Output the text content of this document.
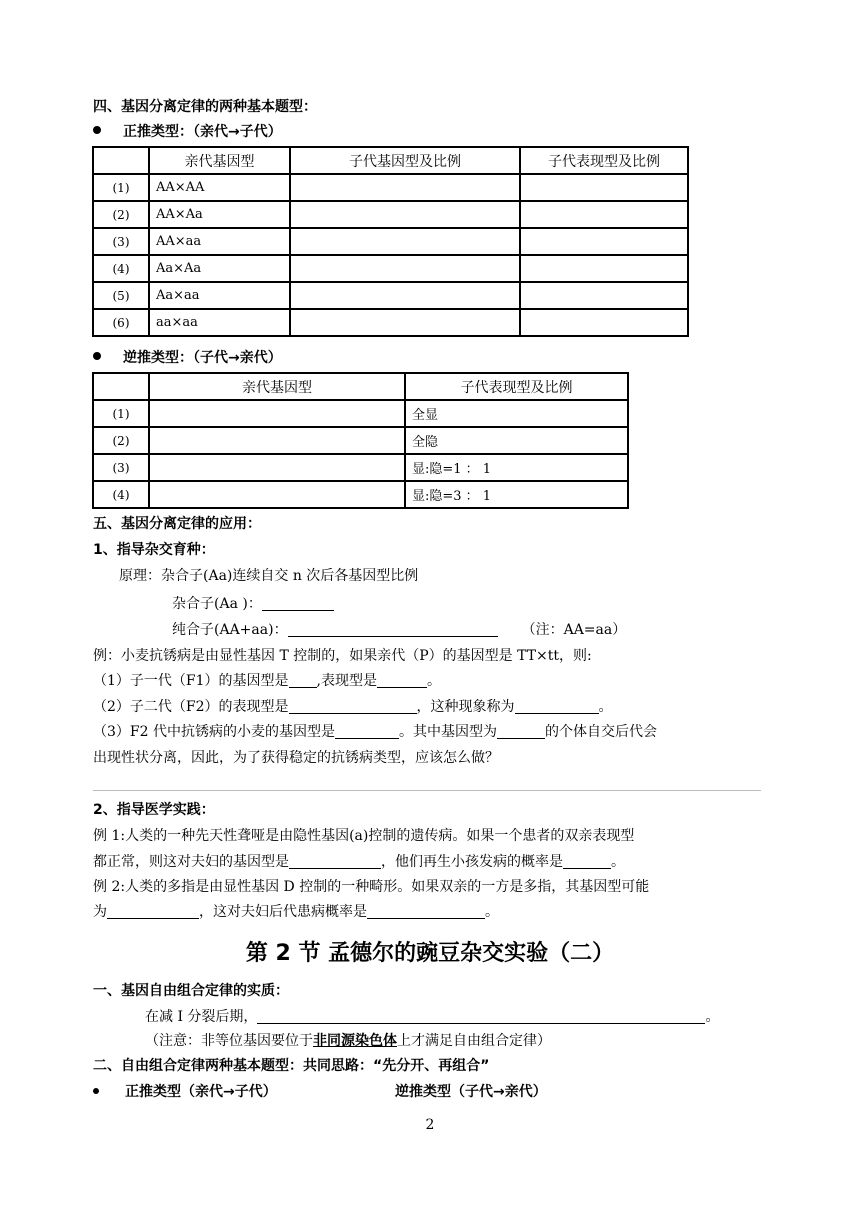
四、基因分离定律的两种基本题型：
正推类型：（亲代→子代）
	亲代基因型	子代基因型及比例	子代表现型及比例
(1)	AA×AA		
(2)	AA×Aa		
(3)	AA×aa		
(4)	Aa×Aa		
(5)	Aa×aa		
(6)	aa×aa		
逆推类型：（子代→亲代）
	亲代基因型	子代表现型及比例
(1)		全显
(2)		全隐
(3)		显:隐=1 ： 1
(4)		显:隐=3 ： 1
五、基因分离定律的应用：
1、指导杂交育种：
原理：杂合子(Aa)连续自交 n 次后各基因型比例
杂合子(Aa )：
纯合子(AA+aa)：	（注：AA=aa）
例：小麦抗锈病是由显性基因 T 控制的，如果亲代（P）的基因型是 TT×tt，则:
（1）子一代（F1）的基因型是 ,表现型是	。
（2）子二代（F2）的表现型是	，这种现象称为	。
（3）F2 代中抗锈病的小麦的基因型是	。其中基因型为	的个体自交后代会
出现性状分离，因此，为了获得稳定的抗锈病类型，应该怎么做？
2、指导医学实践：
例 1:人类的一种先天性聋哑是由隐性基因(a)控制的遗传病。如果一个患者的双亲表现型
都正常，则这对夫妇的基因型是	，他们再生小孩发病的概率是	。
例 2:人类的多指是由显性基因 D 控制的一种畸形。如果双亲的一方是多指，其基因型可能
为	，这对夫妇后代患病概率是	。
第 2 节 孟德尔的豌豆杂交实验（二）
一、基因自由组合定律的实质：
在减 I 分裂后期，	。
（注意：非等位基因要位于非同源染色体上才满足自由组合定律）
二、自由组合定律两种基本题型：共同思路：“先分开、再组合”
正推类型（亲代→子代）	逆推类型（子代→亲代）
2
